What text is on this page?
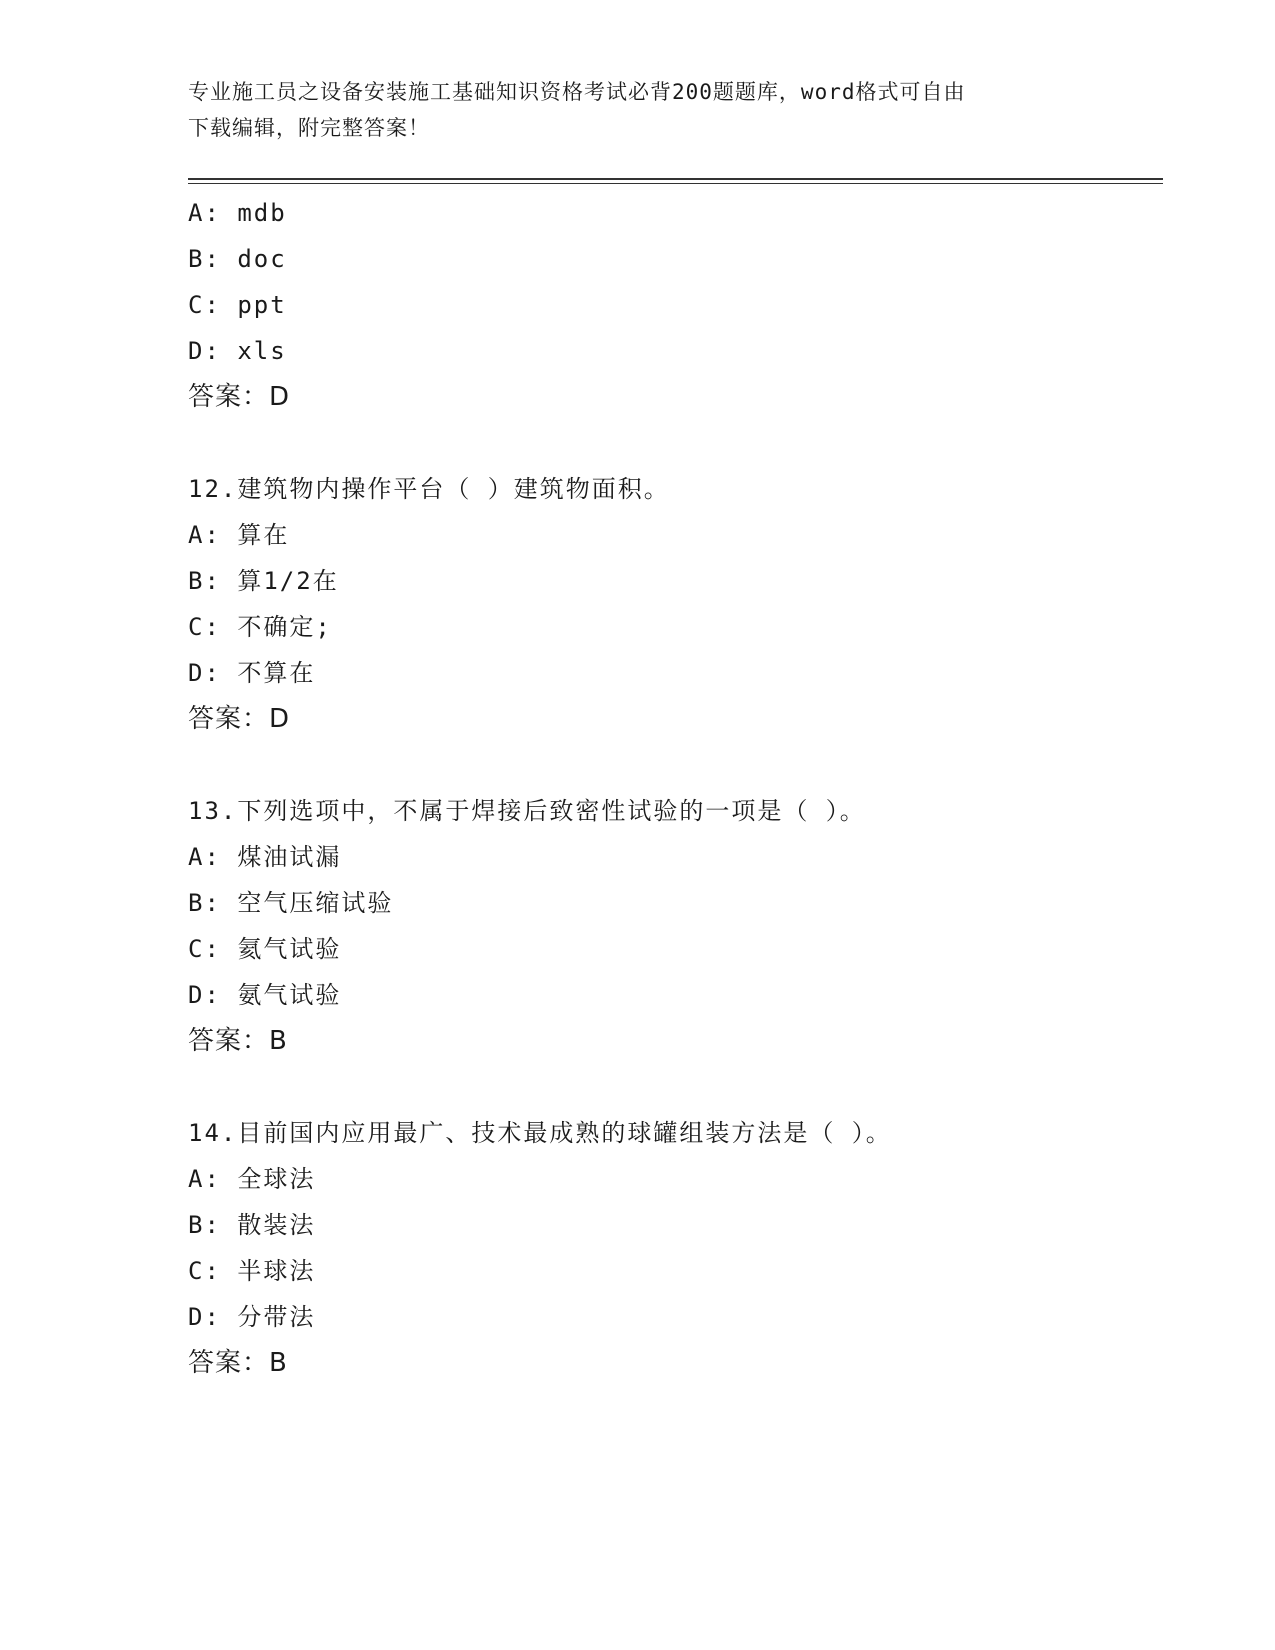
专业施工员之设备安装施工基础知识资格考试必背200题题库，word格式可自由
下载编辑，附完整答案！
A: mdb
B: doc
C: ppt
D: xls
答案：D
12.建筑物内操作平台（ ）建筑物面积。
A: 算在
B: 算1/2在
C: 不确定;
D: 不算在
答案：D
13.下列选项中，不属于焊接后致密性试验的一项是（ ）。
A: 煤油试漏
B: 空气压缩试验
C: 氦气试验
D: 氨气试验
答案：B
14.目前国内应用最广、技术最成熟的球罐组装方法是（ ）。
A: 全球法
B: 散装法
C: 半球法
D: 分带法
答案：B
